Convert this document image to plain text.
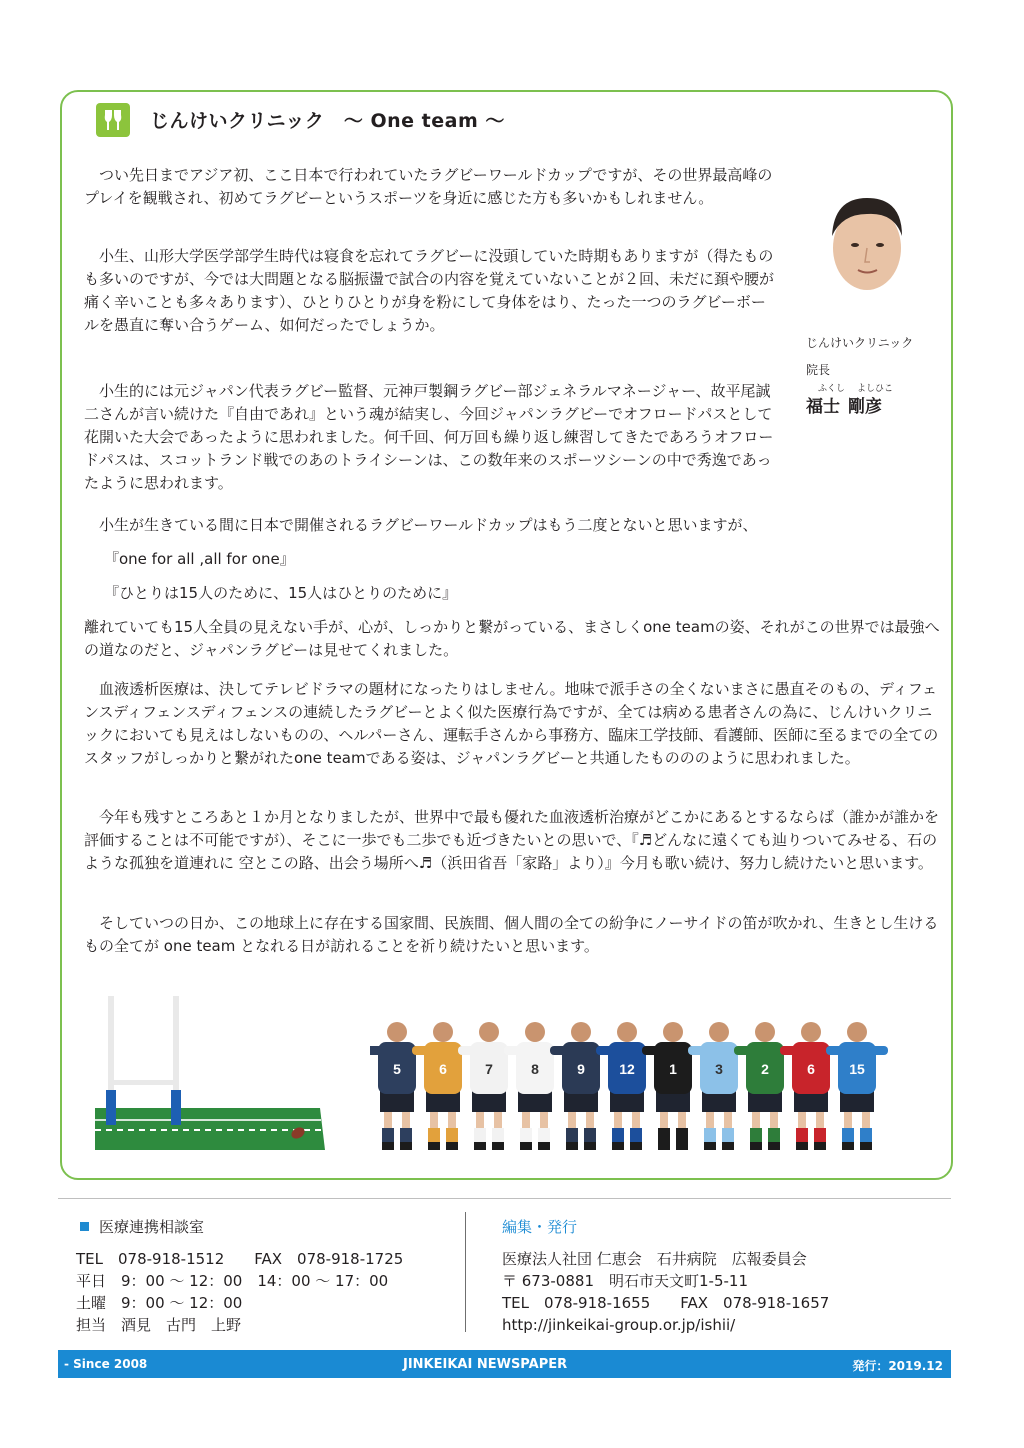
じんけいクリニック　～ One team ～

つい先日までアジア初、ここ日本で行われていたラグビーワールドカップですが、その世界最高峰のプレイを観戦され、初めてラグビーというスポーツを身近に感じた方も多いかもしれません。

小生、山形大学医学部学生時代は寝食を忘れてラグビーに没頭していた時期もありますが（得たものも多いのですが、今では大問題となる脳振盪で試合の内容を覚えていないことが２回、未だに頚や腰が痛く辛いことも多々あります）、ひとりひとりが身を粉にして身体をはり、たった一つのラグビーボールを愚直に奪い合うゲーム、如何だったでしょうか。

小生的には元ジャパン代表ラグビー監督、元神戸製鋼ラグビー部ジェネラルマネージャー、故平尾誠二さんが言い続けた『自由であれ』という魂が結実し、今回ジャパンラグビーでオフロードパスとして花開いた大会であったように思われました。何千回、何万回も繰り返し練習してきたであろうオフロードパスは、スコットランド戦でのあのトライシーンは、この数年来のスポーツシーンの中で秀逸であったように思われます。

小生が生きている間に日本で開催されるラグビーワールドカップはもう二度とないと思いますが、

『one for all ,all for one』

『ひとりは15人のために、15人はひとりのために』

離れていても15人全員の見えない手が、心が、しっかりと繋がっている、まさしくone teamの姿、それがこの世界では最強への道なのだと、ジャパンラグビーは見せてくれました。

血液透析医療は、決してテレビドラマの題材になったりはしません。地味で派手さの全くないまさに愚直そのもの、ディフェンスディフェンスディフェンスの連続したラグビーとよく似た医療行為ですが、全ては病める患者さんの為に、じんけいクリニックにおいても見えはしないものの、ヘルパーさん、運転手さんから事務方、臨床工学技師、看護師、医師に至るまでの全てのスタッフがしっかりと繋がれたone teamである姿は、ジャパンラグビーと共通したものののように思われました。

今年も残すところあと１か月となりましたが、世界中で最も優れた血液透析治療がどこかにあるとするならば（誰かが誰かを評価することは不可能ですが）、そこに一歩でも二歩でも近づきたいとの思いで、『♬どんなに遠くても辿りついてみせる、石のような孤独を道連れに 空とこの路、出会う場所へ♬（浜田省吾「家路」より）』今月も歌い続け、努力し続けたいと思います。

そしていつの日か、この地球上に存在する国家間、民族間、個人間の全ての紛争にノーサイドの笛が吹かれ、生きとし生けるもの全てが one team となれる日が訪れることを祈り続けたいと思います。

じんけいクリニック
院長
ふくし よしひこ
福士 剛彦
5	6	7	8	9 12 1	3	2	6 15
医療連携相談室
TEL　078-918-1512　　FAX　078-918-1725
平日　9：00 ～ 12：00　14：00 ～ 17：00
土曜　9：00 ～ 12：00
担当　酒見　古門　上野
編集・発行
医療法人社団 仁恵会　石井病院　広報委員会
〒 673-0881　明石市天文町1-5-11
TEL　078-918-1655　　FAX　078-918-1657
http://jinkeikai-group.or.jp/ishii/
- Since 2008	JINKEIKAI NEWSPAPER	発行：2019.12
